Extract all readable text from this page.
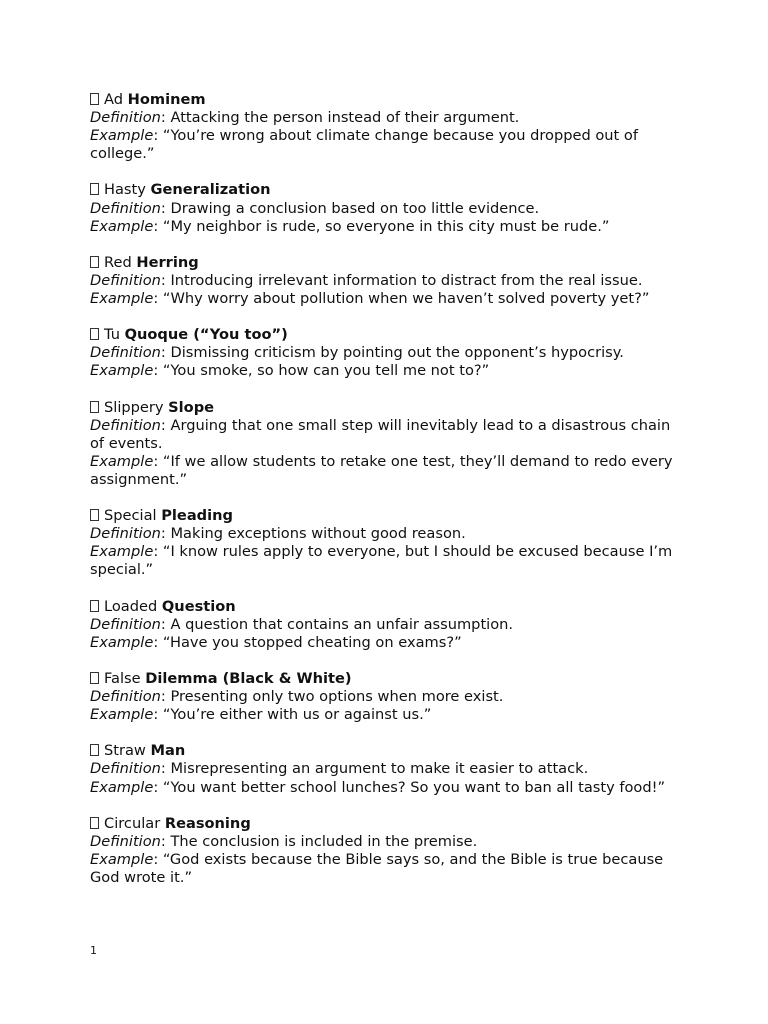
Ad Hominem
Definition: Attacking the person instead of their argument.
Example: “You’re wrong about climate change because you dropped out of college.”
Hasty Generalization
Definition: Drawing a conclusion based on too little evidence.
Example: “My neighbor is rude, so everyone in this city must be rude.”
Red Herring
Definition: Introducing irrelevant information to distract from the real issue.
Example: “Why worry about pollution when we haven’t solved poverty yet?”
Tu Quoque (“You too”)
Definition: Dismissing criticism by pointing out the opponent’s hypocrisy.
Example: “You smoke, so how can you tell me not to?”
Slippery Slope
Definition: Arguing that one small step will inevitably lead to a disastrous chain of events.
Example: “If we allow students to retake one test, they’ll demand to redo every assignment.”
Special Pleading
Definition: Making exceptions without good reason.
Example: “I know rules apply to everyone, but I should be excused because I’m special.”
Loaded Question
Definition: A question that contains an unfair assumption.
Example: “Have you stopped cheating on exams?”
False Dilemma (Black & White)
Definition: Presenting only two options when more exist.
Example: “You’re either with us or against us.”
Straw Man
Definition: Misrepresenting an argument to make it easier to attack.
Example: “You want better school lunches? So you want to ban all tasty food!”
Circular Reasoning
Definition: The conclusion is included in the premise.
Example: “God exists because the Bible says so, and the Bible is true because God wrote it.”
1
